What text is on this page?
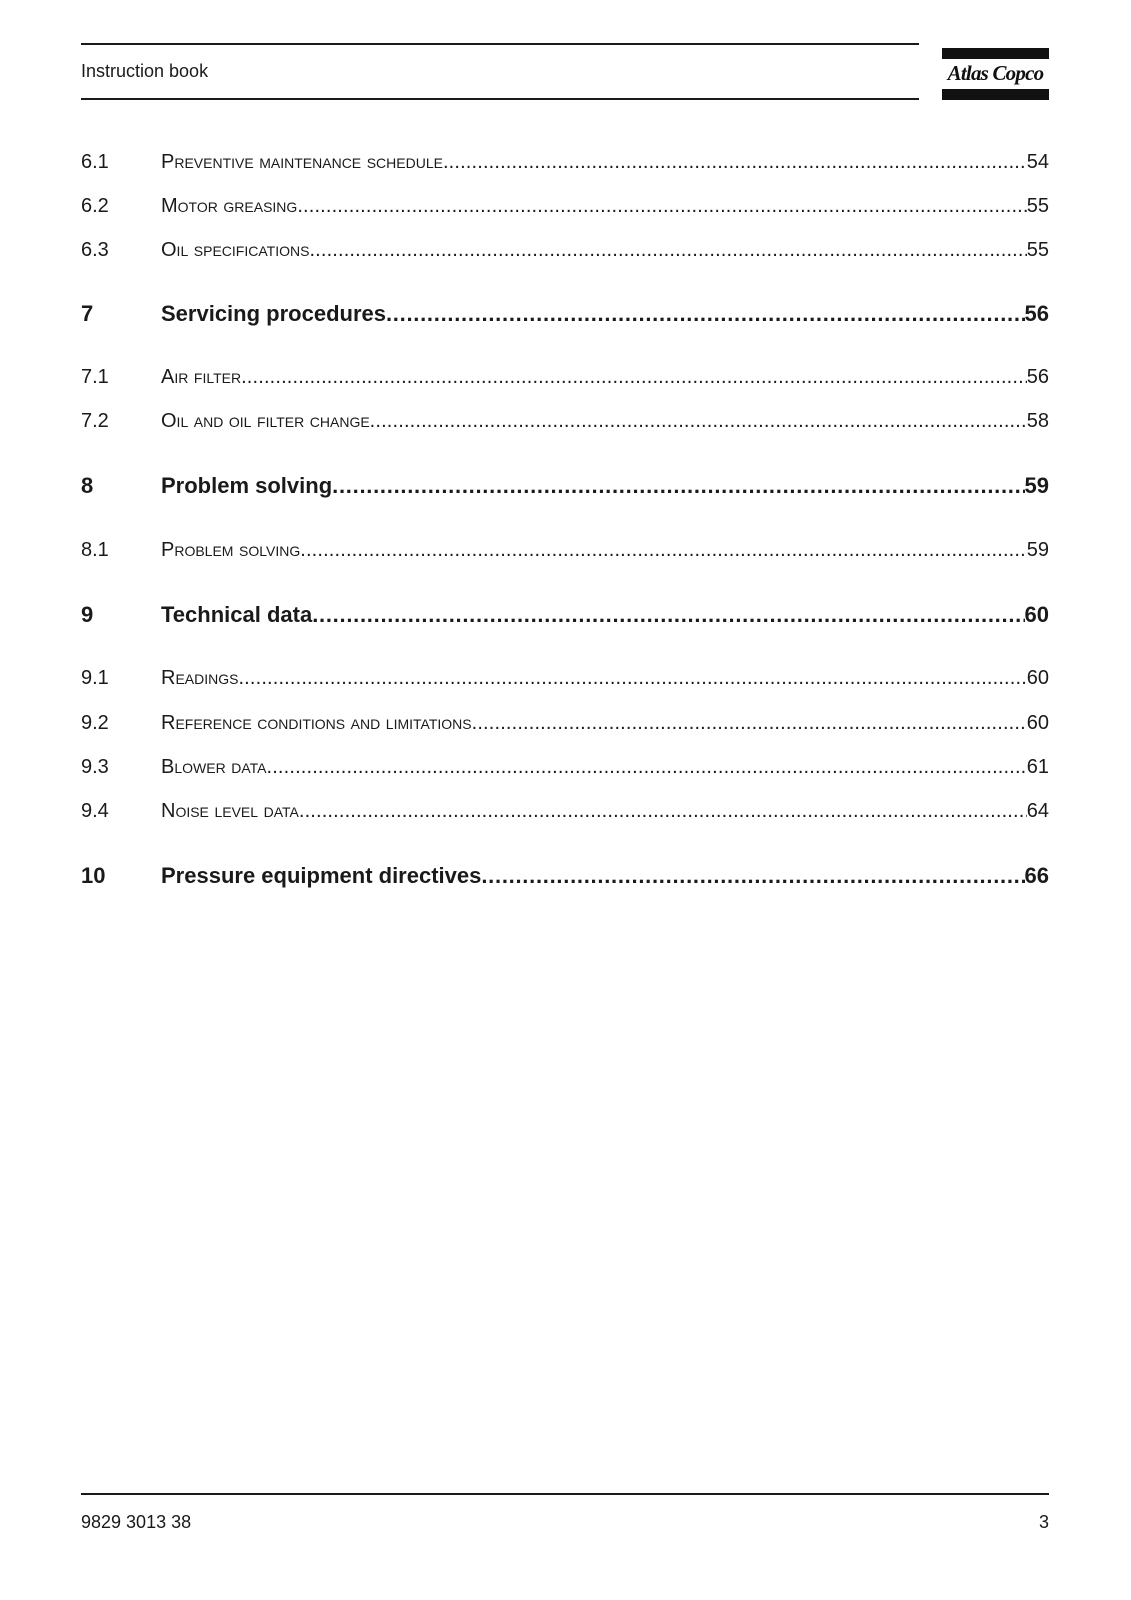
Instruction book	Atlas Copco
6.1	Preventive maintenance schedule . . .	54
6.2	Motor greasing . . .	55
6.3	Oil specifications . . .	55
7	Servicing procedures . . .	56
7.1	Air filter . . .	56
7.2	Oil and oil filter change . . .	58
8	Problem solving . . .	59
8.1	Problem solving . . .	59
9	Technical data . . .	60
9.1	Readings . . .	60
9.2	Reference conditions and limitations . . .	60
9.3	Blower data . . .	61
9.4	Noise level data . . .	64
10	Pressure equipment directives . . .	66
9829 3013 38	3
